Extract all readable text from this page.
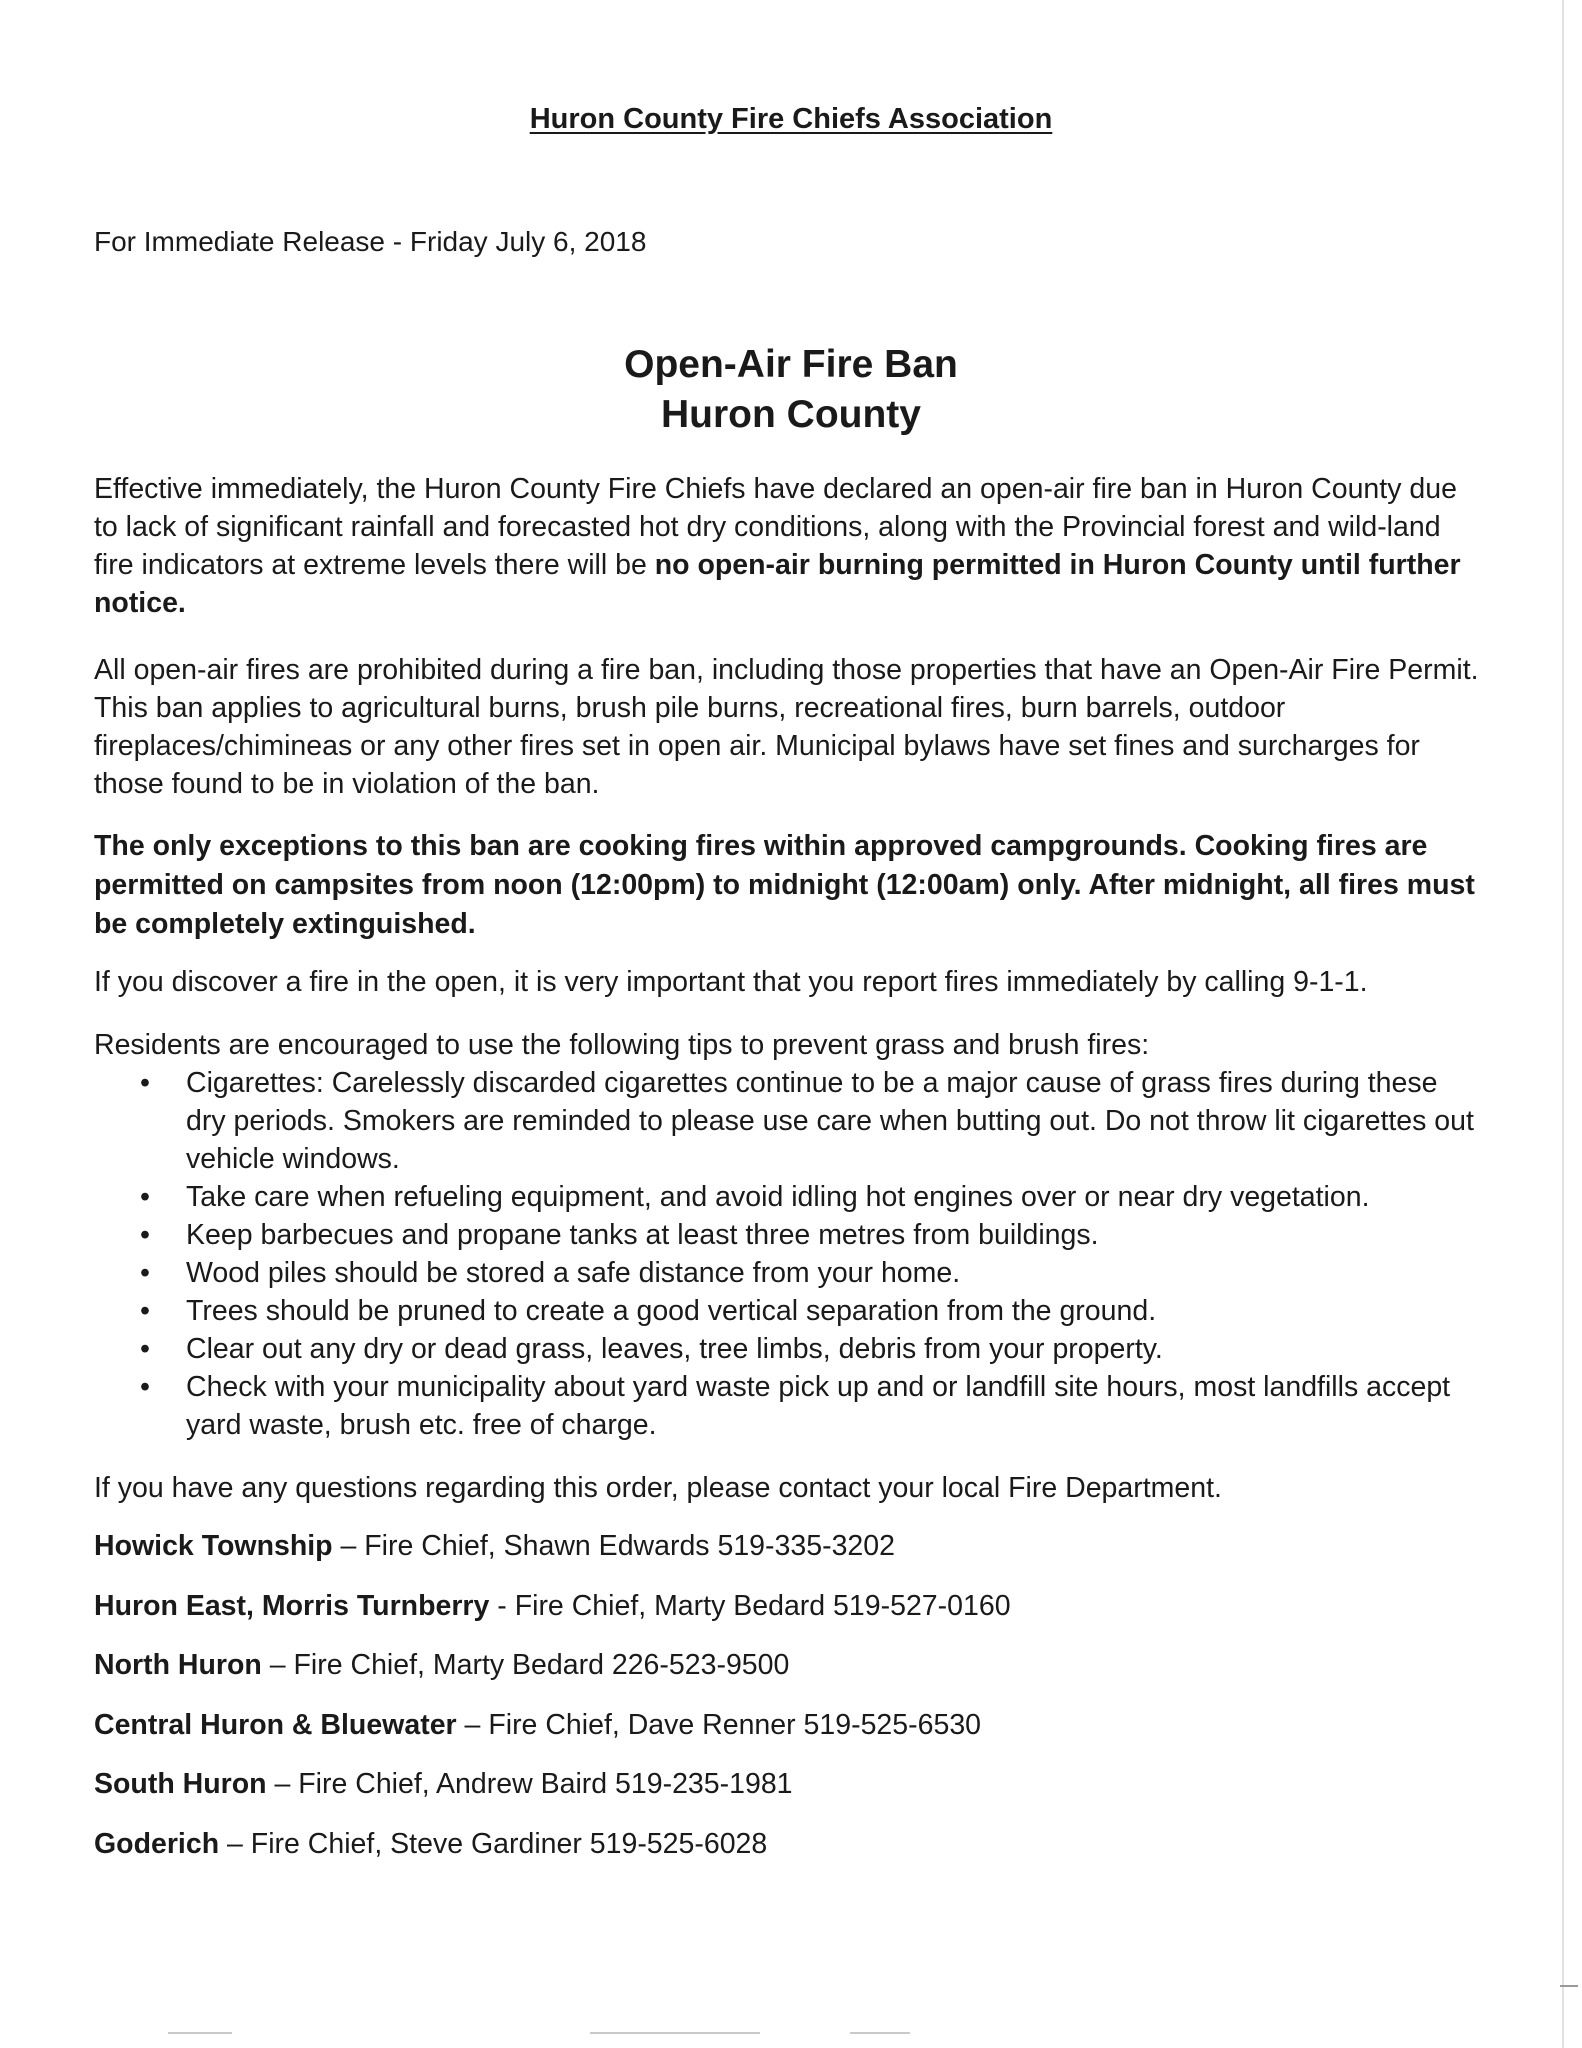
Huron County Fire Chiefs Association
For Immediate Release - Friday July 6, 2018
Open-Air Fire Ban
Huron County
Effective immediately, the Huron County Fire Chiefs have declared an open-air fire ban in Huron County due to lack of significant rainfall and forecasted hot dry conditions, along with the Provincial forest and wild-land fire indicators at extreme levels there will be no open-air burning permitted in Huron County until further notice.
All open-air fires are prohibited during a fire ban, including those properties that have an Open-Air Fire Permit. This ban applies to agricultural burns, brush pile burns, recreational fires, burn barrels, outdoor fireplaces/chimineas or any other fires set in open air. Municipal bylaws have set fines and surcharges for those found to be in violation of the ban.
The only exceptions to this ban are cooking fires within approved campgrounds. Cooking fires are permitted on campsites from noon (12:00pm) to midnight (12:00am) only. After midnight, all fires must be completely extinguished.
If you discover a fire in the open, it is very important that you report fires immediately by calling 9-1-1.
Residents are encouraged to use the following tips to prevent grass and brush fires:
• Cigarettes: Carelessly discarded cigarettes continue to be a major cause of grass fires during these dry periods. Smokers are reminded to please use care when butting out. Do not throw lit cigarettes out vehicle windows.
• Take care when refueling equipment, and avoid idling hot engines over or near dry vegetation.
• Keep barbecues and propane tanks at least three metres from buildings.
• Wood piles should be stored a safe distance from your home.
• Trees should be pruned to create a good vertical separation from the ground.
• Clear out any dry or dead grass, leaves, tree limbs, debris from your property.
• Check with your municipality about yard waste pick up and or landfill site hours, most landfills accept yard waste, brush etc. free of charge.
If you have any questions regarding this order, please contact your local Fire Department.
Howick Township – Fire Chief, Shawn Edwards 519-335-3202
Huron East, Morris Turnberry - Fire Chief, Marty Bedard 519-527-0160
North Huron – Fire Chief, Marty Bedard 226-523-9500
Central Huron & Bluewater – Fire Chief, Dave Renner 519-525-6530
South Huron – Fire Chief, Andrew Baird 519-235-1981
Goderich – Fire Chief, Steve Gardiner 519-525-6028
